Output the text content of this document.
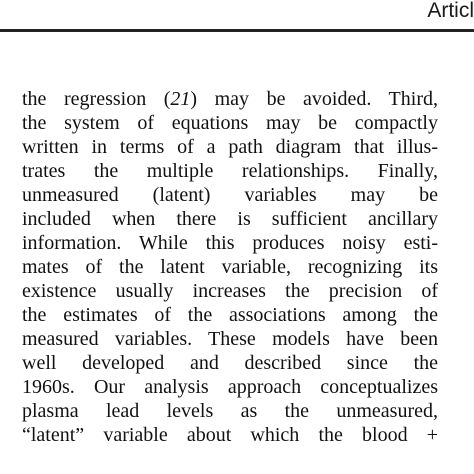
Articl
the regression (21) may be avoided. Third,
the system of equations may be compactly
written in terms of a path diagram that illus-
trates the multiple relationships. Finally,
unmeasured (latent) variables may be
included when there is sufficient ancillary
information. While this produces noisy esti-
mates of the latent variable, recognizing its
existence usually increases the precision of
the estimates of the associations among the
measured variables. These models have been
well developed and described since the
1960s. Our analysis approach conceptualizes
plasma lead levels as the unmeasured,
“latent” variable about which the blood +
